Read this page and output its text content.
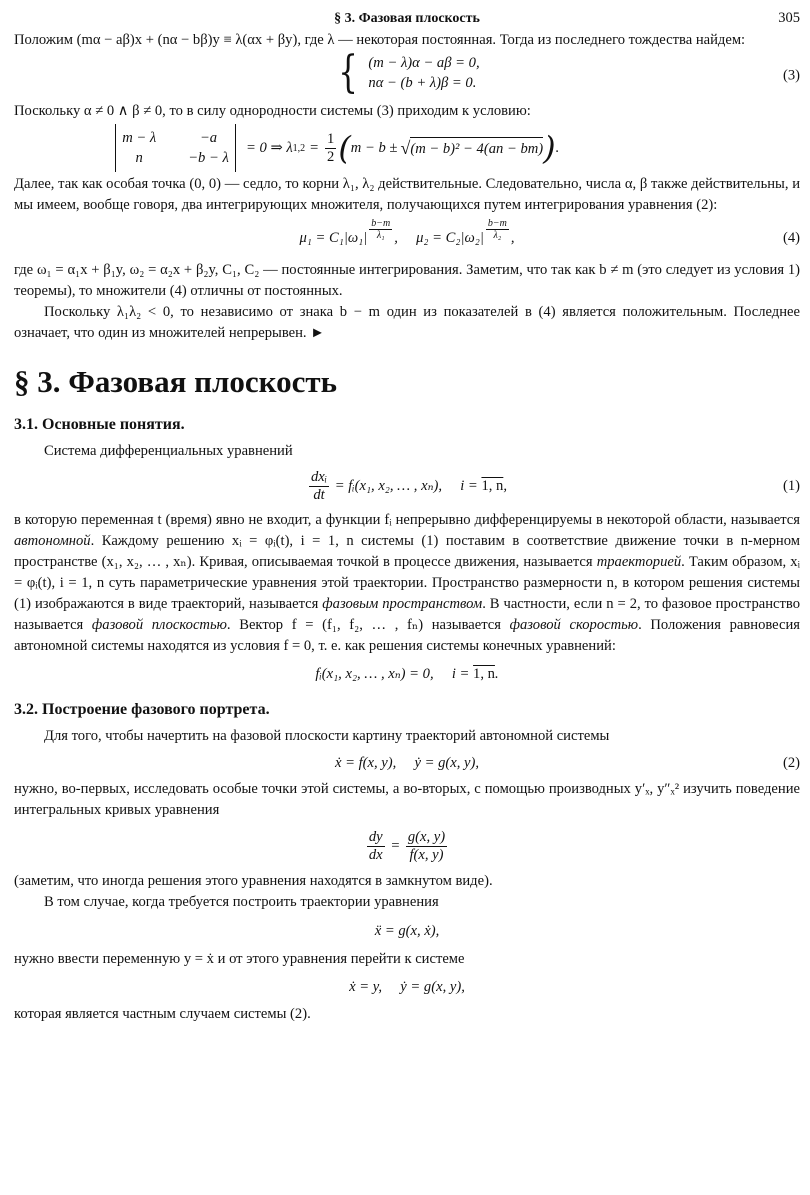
§ 3. Фазовая плоскость	305

Положим (mα − aβ)x + (nα − bβ)y ≡ λ(αx + βy), где λ — некоторая постоянная. Тогда из последнего тождества найдем:

{ (m − λ)α − aβ = 0,
nα − (b + λ)β = 0.	(3)

Поскольку α ≠ 0 ∧ β ≠ 0, то в силу однородности системы (3) приходим к условию:

m − λ	−a
n	−b − λ
= 0 ⇒ λ $1,2 = \frac{1}{2}$ ( m − b ± √ (m − b)² − 4(an − bm) ) .

Далее, так как особая точка (0, 0) — седло, то корни λ₁, λ₂ действительные. Следовательно, числа α, β также действительны, и мы имеем, вообще говоря, два интегрирующих множителя, получающихся путем интегрирования уравнения (2):

$\mu_1 = C_1|\omega_1| \frac{b-m}{\text{λ₁}}$ ,     $\mu_2 = C_2|\omega_2| \frac{b-m}{\text{λ₂}}$ ,	(4)

где ω₁ = α₁x + β₁y, ω₂ = α₂x + β₂y, C₁, C₂ — постоянные интегрирования. Заметим, что так как b ≠ m (это следует из условия 1) теоремы), то множители (4) отличны от постоянных.

Поскольку λ₁λ₂ < 0, то независимо от знака b − m один из показателей в (4) является положительным. Последнее означает, что один из множителей непрерывен. ►

§ 3. Фазовая плоскость
3.1. Основные понятия.

Система дифференциальных уравнений

$\frac{\text{dxᵢ}}{dt}$ = fᵢ(x₁, x₂, … , xₙ),     i = 1, n,	(1)

в которую переменная t (время) явно не входит, а функции fᵢ непрерывно дифференцируемы в некоторой области, называется автономной. Каждому решению xᵢ = φᵢ(t), i = 1, n системы (1) поставим в соответствие движение точки в n-мерном пространстве (x₁, x₂, … , xₙ). Кривая, описываемая точкой в процессе движения, называется траекторией. Таким образом, xᵢ = φᵢ(t), i = 1, n суть параметрические уравнения этой траектории. Пространство размерности n, в котором решения системы (1) изображаются в виде траекторий, называется фазовым пространством. В частности, если n = 2, то фазовое пространство называется фазовой плоскостью. Вектор f = (f₁, f₂, … , fₙ) называется фазовой скоростью. Положения равновесия автономной системы находятся из условия f = 0, т. е. как решения системы конечных уравнений:

fᵢ(x₁, x₂, … , xₙ) = 0,     i = 1, n.
3.2. Построение фазового портрета.

Для того, чтобы начертить на фазовой плоскости картину траекторий автономной системы

ẋ = f(x, y),     ẏ = g(x, y),	(2)

нужно, во-первых, исследовать особые точки этой системы, а во-вторых, с помощью производных y′ₓ, y″ₓ² изучить поведение интегральных кривых уравнения

$\frac{dy}{dx} = \frac{g(x, y)}{f(x, y)}$

(заметим, что иногда решения этого уравнения находятся в замкнутом виде).

В том случае, когда требуется построить траектории уравнения

ẍ = g(x, ẋ),

нужно ввести переменную y = ẋ и от этого уравнения перейти к системе

ẋ = y,     ẏ = g(x, y),

которая является частным случаем системы (2).
